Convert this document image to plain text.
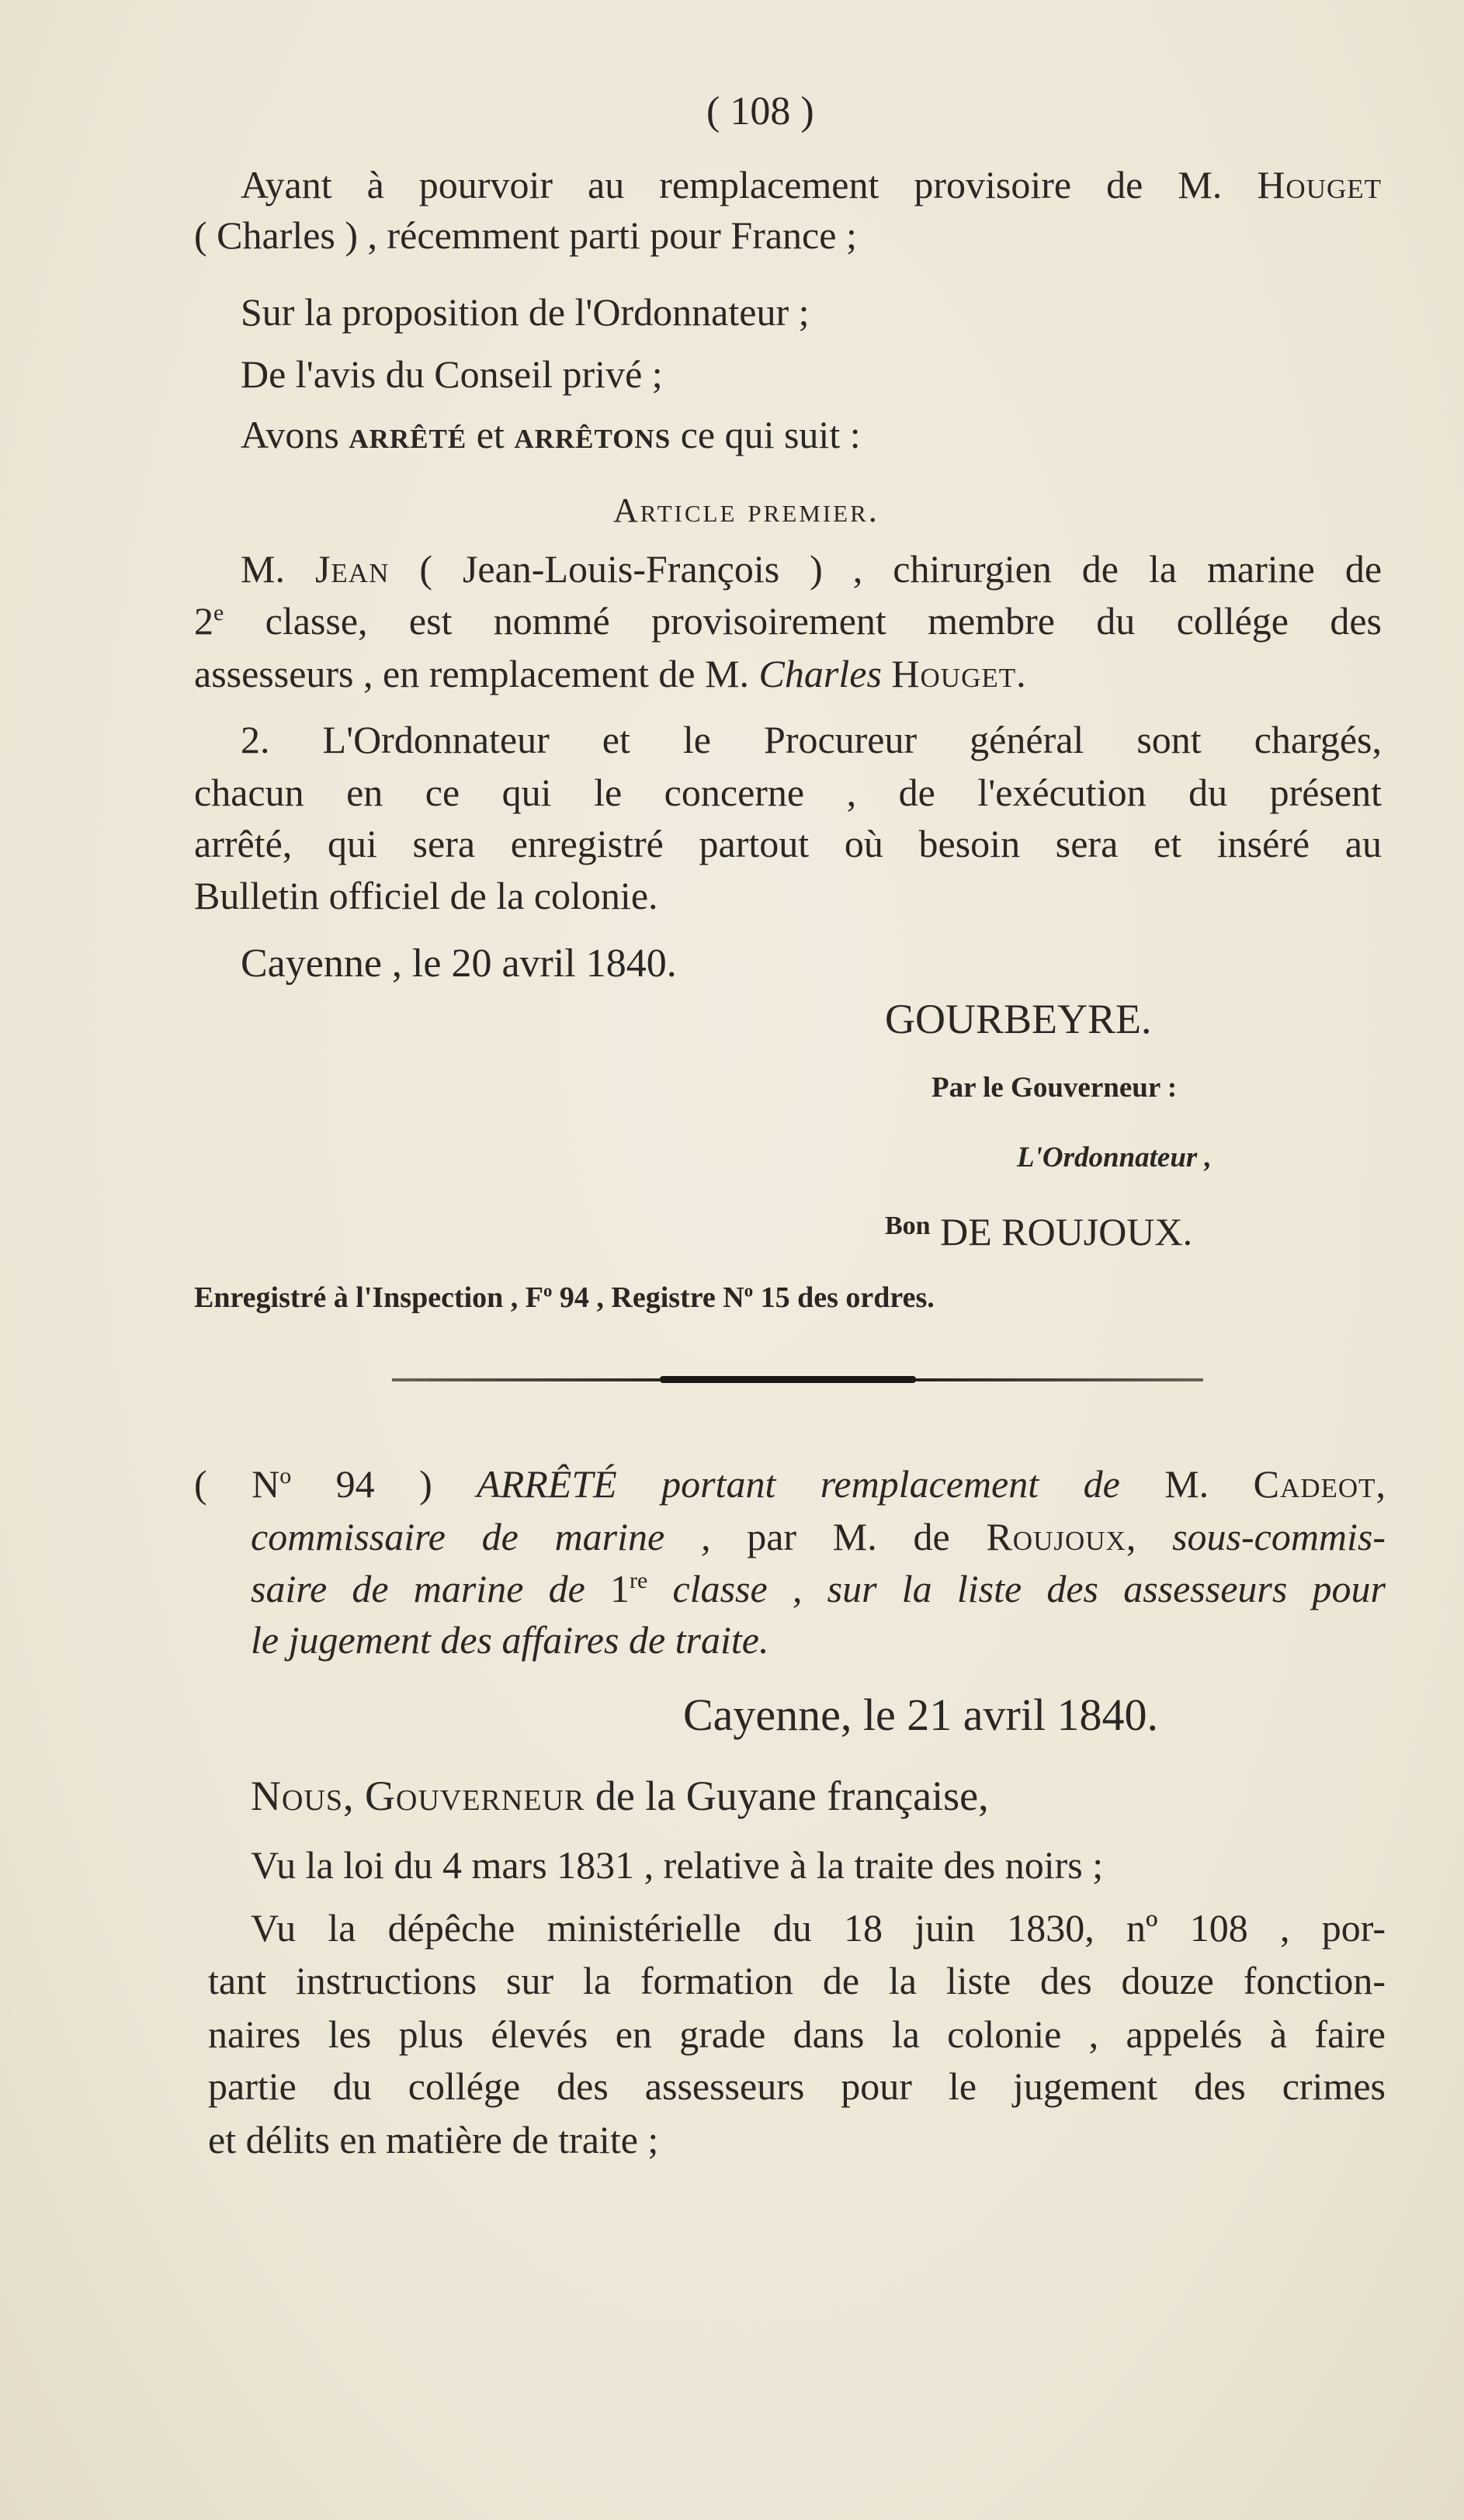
( 108 )
Ayant à pourvoir au remplacement provisoire de M. Houget
( Charles ) , récemment parti pour France ;
Sur la proposition de l'Ordonnateur ;
De l'avis du Conseil privé ;
Avons arrêté et arrêtons ce qui suit :
Article premier.
M. Jean ( Jean-Louis-François ) , chirurgien de la marine de
2e classe, est nommé provisoirement membre du collége des
assesseurs , en remplacement de M. Charles Houget.
2. L'Ordonnateur et le Procureur général sont chargés,
chacun en ce qui le concerne , de l'exécution du présent
arrêté, qui sera enregistré partout où besoin sera et inséré au
Bulletin officiel de la colonie.
Cayenne , le 20 avril 1840.
GOURBEYRE.
Par le Gouverneur :
L'Ordonnateur ,
$^{Bon}$ DE ROUJOUX.
Enregistré à l'Inspection , $F^o$ 94 , Registre $N^o$ 15 des ordres.
( $N^o$ 94 ) ARRÊTÉ portant remplacement de M. Cadeot,
commissaire de marine , par M. de Roujoux, sous-commis-
saire de marine de 1re classe , sur la liste des assesseurs pour
le jugement des affaires de traite.
Cayenne, le 21 avril 1840.
Nous, Gouverneur de la Guyane française,
Vu la loi du 4 mars 1831 , relative à la traite des noirs ;
Vu la dépêche ministérielle du 18 juin 1830, nº 108 , por-
tant instructions sur la formation de la liste des douze fonction-
naires les plus élevés en grade dans la colonie , appelés à faire
partie du collége des assesseurs pour le jugement des crimes
et délits en matière de traite ;
